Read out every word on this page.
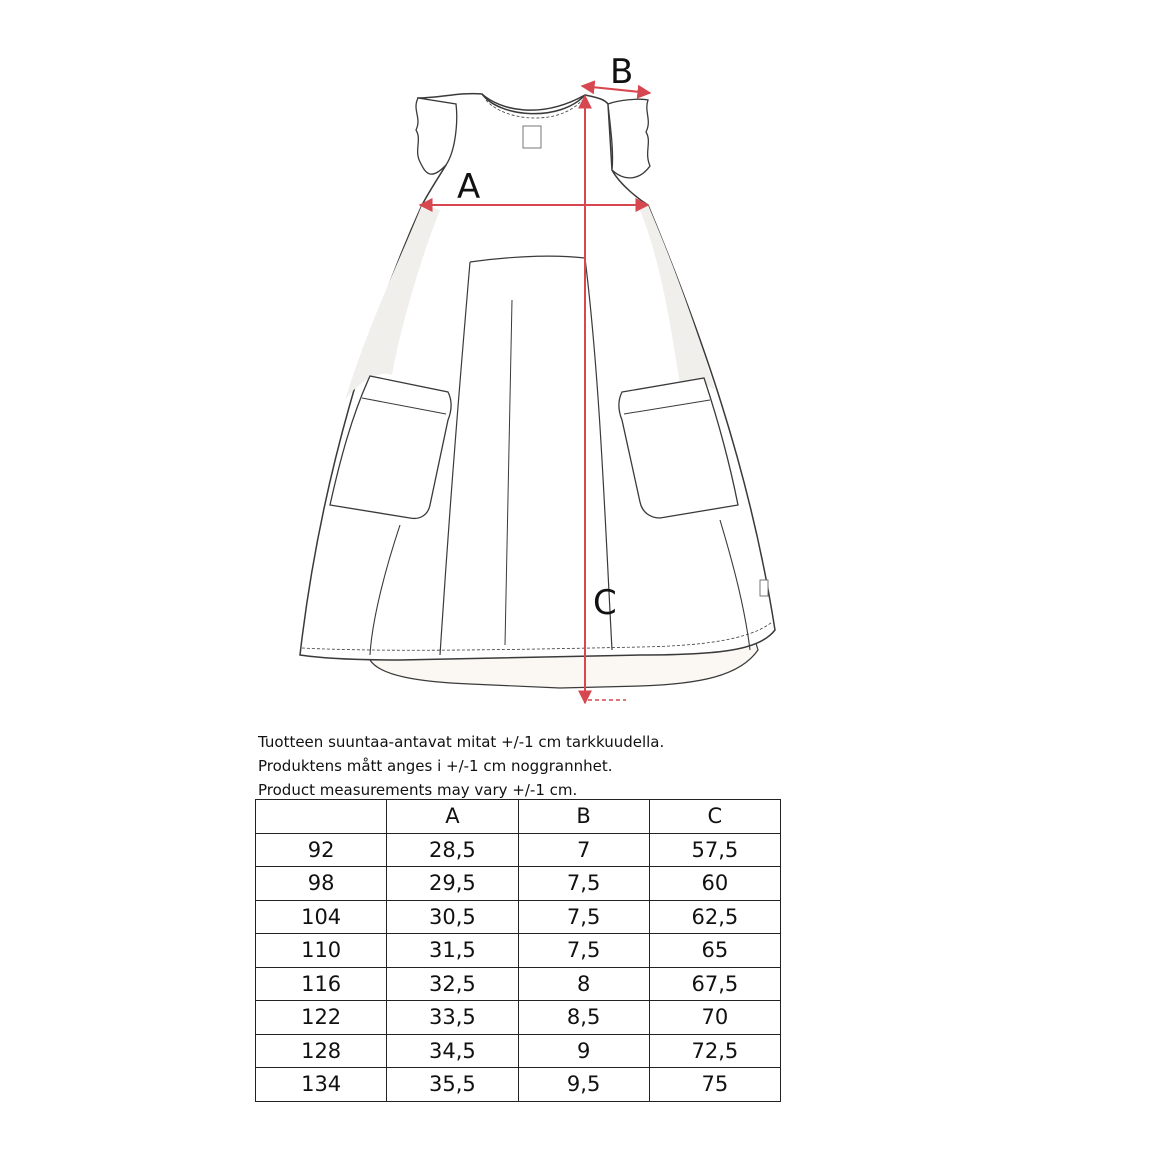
A
B
C
Tuotteen suuntaa-antavat mitat +/-1 cm tarkkuudella.
Produktens mått anges i +/-1 cm noggrannhet.
Product measurements may vary +/-1 cm.
	A	B	C
92	28,5	7	57,5
98	29,5	7,5	60
104	30,5	7,5	62,5
110	31,5	7,5	65
116	32,5	8	67,5
122	33,5	8,5	70
128	34,5	9	72,5
134	35,5	9,5	75
